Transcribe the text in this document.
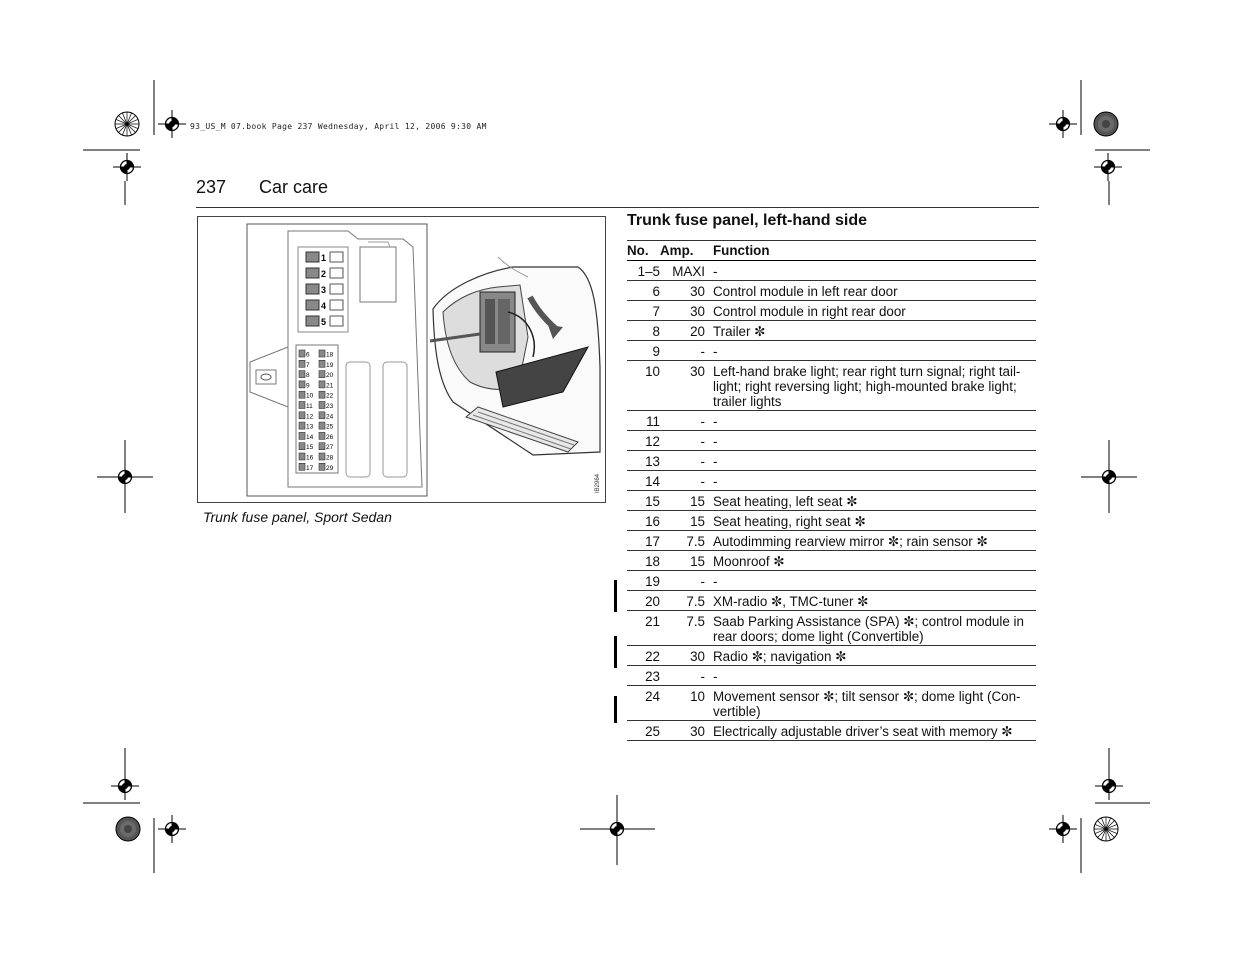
93_US_M 07.book Page 237 Wednesday, April 12, 2006 9:30 AM
237 Car care
1
2
3
4
5
6	18
7	19
8	20
9	21
10 22
11 23
12 24
13 25
14 26
15 27
16 28
17 29
IB2964
Trunk fuse panel, Sport Sedan
Trunk fuse panel, left-hand side
No.	Amp.	Function
1–5	MAXI	-
6	30	Control module in left rear door
7	30	Control module in right rear door
8	20	Trailer ✼
9	-	-
10	30	Left-hand brake light; rear right turn signal; right tail-light; right reversing light; high-mounted brake light; trailer lights
11	-	-
12	-	-
13	-	-
14	-	-
15	15	Seat heating, left seat ✼
16	15	Seat heating, right seat ✼
17	7.5	Autodimming rearview mirror ✼; rain sensor ✼
18	15	Moonroof ✼
19	-	-
20	7.5	XM-radio ✼, TMC-tuner ✼
21	7.5	Saab Parking Assistance (SPA) ✼; control module in rear doors; dome light (Convertible)
22	30	Radio ✼; navigation ✼
23	-	-
24	10	Movement sensor ✼; tilt sensor ✼; dome light (Con-vertible)
25	30	Electrically adjustable driver’s seat with memory ✼
